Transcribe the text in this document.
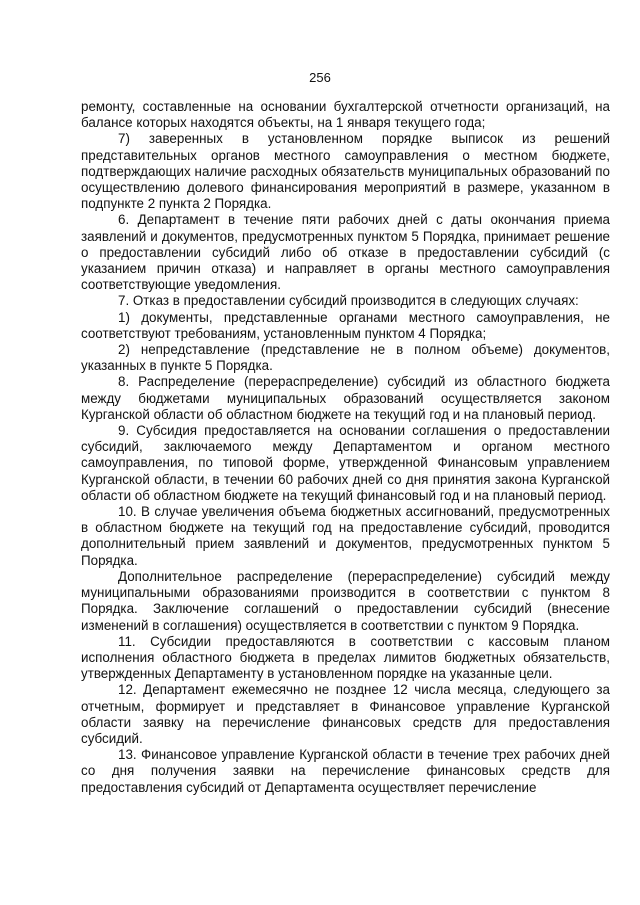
256

ремонту, составленные на основании бухгалтерской отчетности организаций, на балансе которых находятся объекты, на 1 января текущего года;

7) заверенных в установленном порядке выписок из решений представительных органов местного самоуправления о местном бюджете, подтверждающих наличие расходных обязательств муниципальных образований по осуществлению долевого финансирования мероприятий в размере, указанном в подпункте 2 пункта 2 Порядка.

6. Департамент в течение пяти рабочих дней с даты окончания приема заявлений и документов, предусмотренных пунктом 5 Порядка, принимает решение о предоставлении субсидий либо об отказе в предоставлении субсидий (с указанием причин отказа) и направляет в органы местного самоуправления соответствующие уведомления.

7. Отказ в предоставлении субсидий производится в следующих случаях:

1) документы, представленные органами местного самоуправления, не соответствуют требованиям, установленным пунктом 4 Порядка;

2) непредставление (представление не в полном объеме) документов, указанных в пункте 5 Порядка.

8. Распределение (перераспределение) субсидий из областного бюджета между бюджетами муниципальных образований осуществляется законом Курганской области об областном бюджете на текущий год и на плановый период.

9. Субсидия предоставляется на основании соглашения о предоставлении субсидий, заключаемого между Департаментом и органом местного самоуправления, по типовой форме, утвержденной Финансовым управлением Курганской области, в течении 60 рабочих дней со дня принятия закона Курганской области об областном бюджете на текущий финансовый год и на плановый период.

10. В случае увеличения объема бюджетных ассигнований, предусмотренных в областном бюджете на текущий год на предоставление субсидий, проводится дополнительный прием заявлений и документов, предусмотренных пунктом 5 Порядка.

Дополнительное распределение (перераспределение) субсидий между муниципальными образованиями производится в соответствии с пунктом 8 Порядка. Заключение соглашений о предоставлении субсидий (внесение изменений в соглашения) осуществляется в соответствии с пунктом 9 Порядка.

11. Субсидии предоставляются в соответствии с кассовым планом исполнения областного бюджета в пределах лимитов бюджетных обязательств, утвержденных Департаменту в установленном порядке на указанные цели.

12. Департамент ежемесячно не позднее 12 числа месяца, следующего за отчетным, формирует и представляет в Финансовое управление Курганской области заявку на перечисление финансовых средств для предоставления субсидий.

13. Финансовое управление Курганской области в течение трех рабочих дней со дня получения заявки на перечисление финансовых средств для предоставления субсидий от Департамента осуществляет перечисление
